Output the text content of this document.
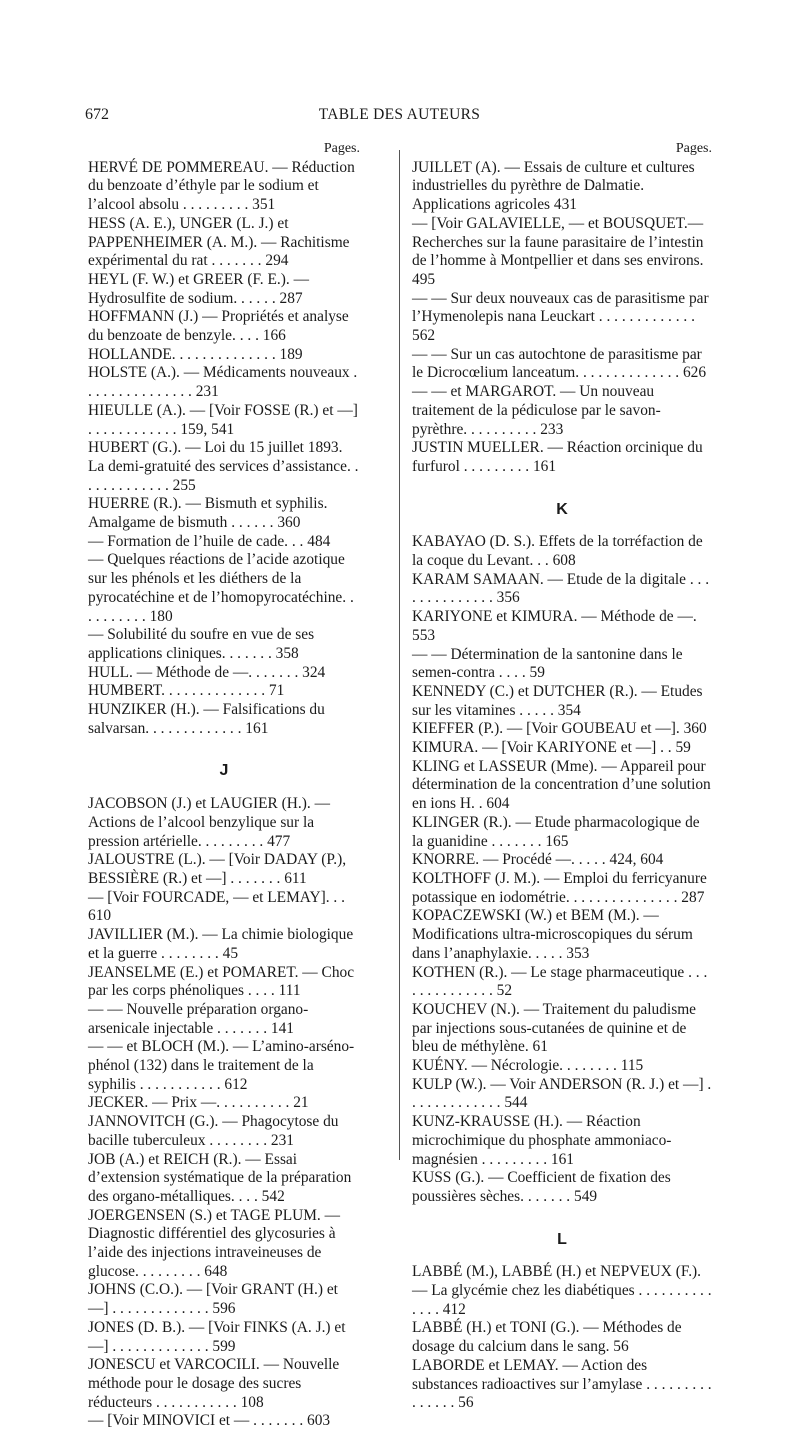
672	TABLE DES AUTEURS
Pages.
HERVÉ DE POMMEREAU. — Réduction du benzoate d’éthyle par le sodium et l’alcool absolu . . . . . . . . . 351
HESS (A. E.), UNGER (L. J.) et PAPPENHEIMER (A. M.). — Rachitisme expérimental du rat . . . . . . . 294
HEYL (F. W.) et GREER (F. E.). — Hydrosulfite de sodium. . . . . . 287
HOFFMANN (J.) — Propriétés et analyse du benzoate de benzyle. . . . 166
HOLLANDE. . . . . . . . . . . . . . 189
HOLSTE (A.). — Médicaments nouveaux . . . . . . . . . . . . . . . 231
HIEULLE (A.). — [Voir FOSSE (R.) et —] . . . . . . . . . . . . 159, 541
HUBERT (G.). — Loi du 15 juillet 1893. La demi-gratuité des services d’assistance. . . . . . . . . . . . . 255
HUERRE (R.). — Bismuth et syphilis. Amalgame de bismuth . . . . . . 360
— Formation de l’huile de cade. . . 484
— Quelques réactions de l’acide azotique sur les phénols et les diéthers de la pyrocatéchine et de l’homopyrocatéchine. . . . . . . . . . 180
— Solubilité du soufre en vue de ses applications cliniques. . . . . . . 358
HULL. — Méthode de —. . . . . . . 324
HUMBERT. . . . . . . . . . . . . . 71
HUNZIKER (H.). — Falsifications du salvarsan. . . . . . . . . . . . . 161
J
JACOBSON (J.) et LAUGIER (H.). — Actions de l’alcool benzylique sur la pression artérielle. . . . . . . . . 477
JALOUSTRE (L.). — [Voir DADAY (P.), BESSIÈRE (R.) et —] . . . . . . . 611
— [Voir FOURCADE, — et LEMAY]. . . 610
JAVILLIER (M.). — La chimie biologique et la guerre . . . . . . . . 45
JEANSELME (E.) et POMARET. — Choc par les corps phénoliques . . . . 111
— — Nouvelle préparation organo-arsenicale injectable . . . . . . . 141
— — et BLOCH (M.). — L’amino-arséno-phénol (132) dans le traitement de la syphilis . . . . . . . . . . . 612
JECKER. — Prix —. . . . . . . . . . 21
JANNOVITCH (G.). — Phagocytose du bacille tuberculeux . . . . . . . . 231
JOB (A.) et REICH (R.). — Essai d’extension systématique de la préparation des organo-métalliques. . . . 542
JOERGENSEN (S.) et TAGE PLUM. — Diagnostic différentiel des glycosuries à l’aide des injections intraveineuses de glucose. . . . . . . . . 648
JOHNS (C.O.). — [Voir GRANT (H.) et —] . . . . . . . . . . . . . 596
JONES (D. B.). — [Voir FINKS (A. J.) et —] . . . . . . . . . . . . . 599
JONESCU et VARCOCILI. — Nouvelle méthode pour le dosage des sucres réducteurs . . . . . . . . . . . 108
— [Voir MINOVICI et — . . . . . . . 603
Pages.
JUILLET (A). — Essais de culture et cultures industrielles du pyrèthre de Dalmatie. Applications agricoles 431
— [Voir GALAVIELLE, — et BOUSQUET.— Recherches sur la faune parasitaire de l’intestin de l’homme à Montpellier et dans ses environs. 495
— — Sur deux nouveaux cas de parasitisme par l’Hymenolepis nana Leuckart . . . . . . . . . . . . . 562
— — Sur un cas autochtone de parasitisme par le Dicrocœlium lanceatum. . . . . . . . . . . . . . 626
— — et MARGAROT. — Un nouveau traitement de la pédiculose par le savon-pyrèthre. . . . . . . . . . 233
JUSTIN MUELLER. — Réaction orcinique du furfurol . . . . . . . . . 161
K
KABAYAO (D. S.). Effets de la torréfaction de la coque du Levant. . . 608
KARAM SAMAAN. — Etude de la digitale . . . . . . . . . . . . . . 356
KARIYONE et KIMURA. — Méthode de —. 553
— — Détermination de la santonine dans le semen-contra . . . . 59
KENNEDY (C.) et DUTCHER (R.). — Etudes sur les vitamines . . . . . 354
KIEFFER (P.). — [Voir GOUBEAU et —]. 360
KIMURA. — [Voir KARIYONE et —] . . 59
KLING et LASSEUR (Mme). — Appareil pour détermination de la concentration d’une solution en ions H. . 604
KLINGER (R.). — Etude pharmacologique de la guanidine . . . . . . . 165
KNORRE. — Procédé —. . . . . 424, 604
KOLTHOFF (J. M.). — Emploi du ferricyanure potassique en iodométrie. . . . . . . . . . . . . . . 287
KOPACZEWSKI (W.) et BEM (M.). — Modifications ultra-microscopiques du sérum dans l’anaphylaxie. . . . . 353
KOTHEN (R.). — Le stage pharmaceutique . . . . . . . . . . . . . . 52
KOUCHEV (N.). — Traitement du paludisme par injections sous-cutanées de quinine et de bleu de méthylène. 61
KUÉNY. — Nécrologie. . . . . . . . 115
KULP (W.). — Voir ANDERSON (R. J.) et —] . . . . . . . . . . . . . 544
KUNZ-KRAUSSE (H.). — Réaction microchimique du phosphate ammoniaco-magnésien . . . . . . . . . 161
KUSS (G.). — Coefficient de fixation des poussières sèches. . . . . . . 549
L
LABBÉ (M.), LABBÉ (H.) et NEPVEUX (F.). — La glycémie chez les diabétiques . . . . . . . . . . . . . . 412
LABBÉ (H.) et TONI (G.). — Méthodes de dosage du calcium dans le sang. 56
LABORDE et LEMAY. — Action des substances radioactives sur l’amylase . . . . . . . . . . . . . . . 56
